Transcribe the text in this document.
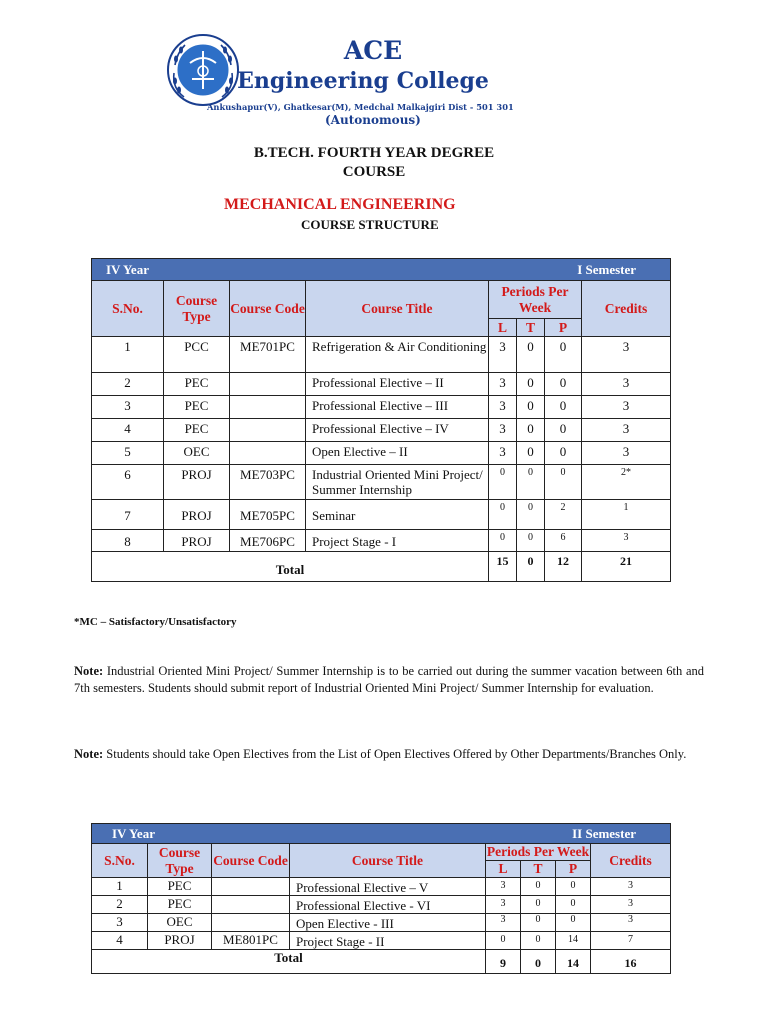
ACE
Engineering College
Ankushapur(V), Ghatkesar(M), Medchal Malkajgiri Dist - 501 301
(Autonomous)
B.TECH. FOURTH YEAR DEGREE
COURSE
MECHANICAL ENGINEERING
COURSE STRUCTURE
IV Year I Semester							

S.No.	Course Type	Course Code	Course Title	Periods Per Week			Credits
				L	T	P	
1	PCC	ME701PC	Refrigeration & Air Conditioning	3	0	0	3
2	PEC		Professional Elective – II	3	0	0	3
3	PEC		Professional Elective – III	3	0	0	3
4	PEC		Professional Elective – IV	3	0	0	3
5	OEC		Open Elective – II	3	0	0	3
6	PROJ	ME703PC	Industrial Oriented Mini Project/ Summer Internship	0	0	0	2*
7	PROJ	ME705PC	Seminar	0	0	2	1
8	PROJ	ME706PC	Project Stage - I	0	0	6	3
Total				15	0	12	21
*MC – Satisfactory/Unsatisfactory
Note: Industrial Oriented Mini Project/ Summer Internship is to be carried out during the summer vacation between 6th and 7th semesters. Students should submit report of Industrial Oriented Mini Project/ Summer Internship for evaluation.
Note: Students should take Open Electives from the List of Open Electives Offered by Other Departments/Branches Only.
IV Year II Semester							

S.No.	Course Type	Course Code	Course Title	Periods Per Week			Credits
				L	T	P	
1	PEC		Professional Elective – V	3	0	0	3
2	PEC		Professional Elective - VI	3	0	0	3
3	OEC		Open Elective - III	3	0	0	3
4	PROJ	ME801PC	Project Stage - II	0	0	14	7
Total				9	0	14	16
